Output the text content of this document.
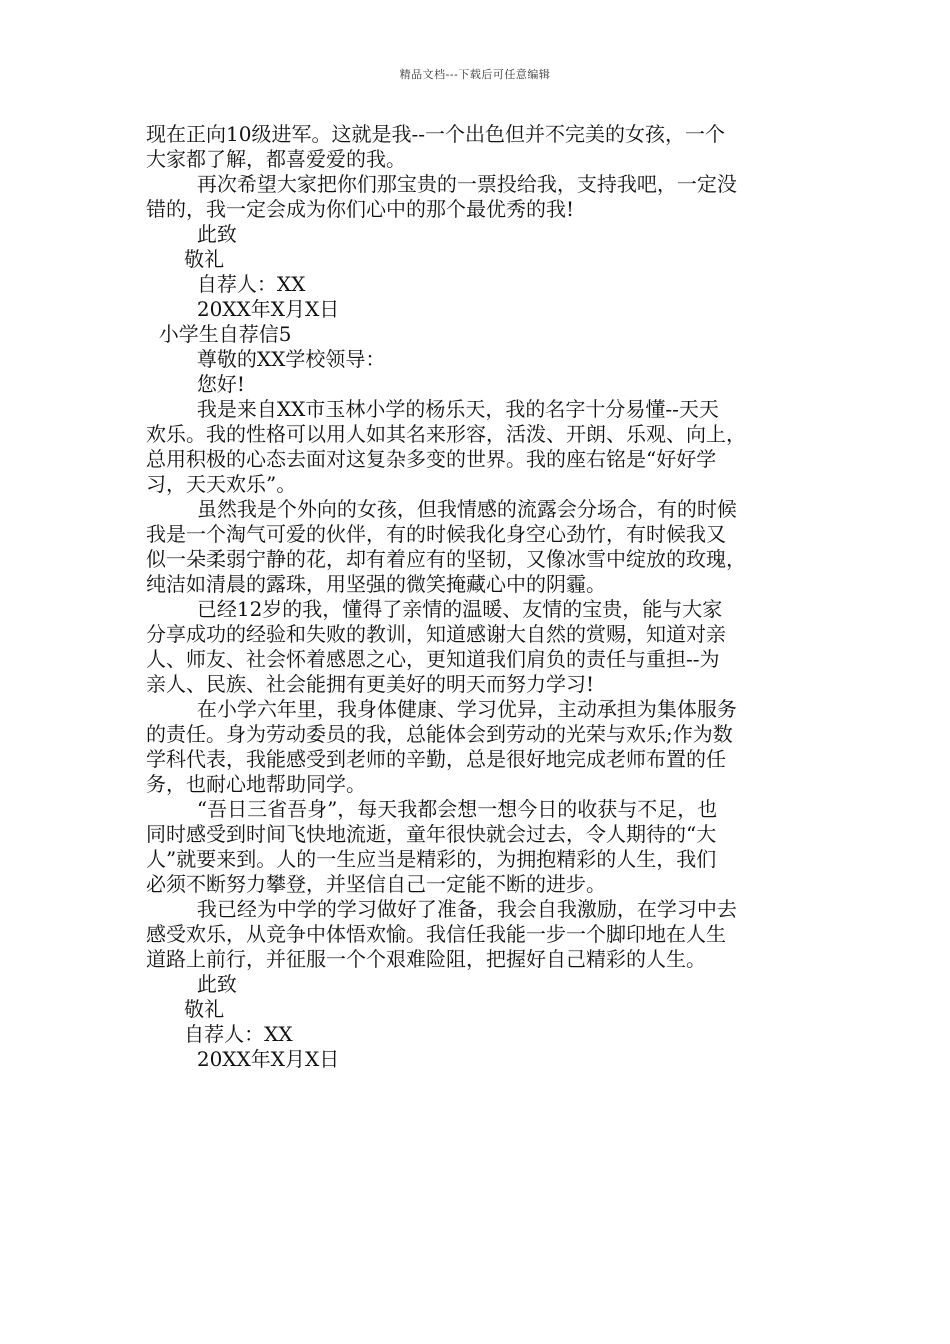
精品文档---下载后可任意编辑
现在正向10级进军。这就是我--一个出色但并不完美的女孩，一个
大家都了解，都喜爱爱的我。
再次希望大家把你们那宝贵的一票投给我，支持我吧，一定没
错的，我一定会成为你们心中的那个最优秀的我!
此致
敬礼
自荐人：XX
20XX年X月X日
小学生自荐信5
尊敬的XX学校领导：
您好!
我是来自XX市玉林小学的杨乐天，我的名字十分易懂--天天
欢乐。我的性格可以用人如其名来形容，活泼、开朗、乐观、向上，
总用积极的心态去面对这复杂多变的世界。我的座右铭是“好好学
习，天天欢乐”。
虽然我是个外向的女孩，但我情感的流露会分场合，有的时候
我是一个淘气可爱的伙伴，有的时候我化身空心劲竹，有时候我又
似一朵柔弱宁静的花，却有着应有的坚韧，又像冰雪中绽放的玫瑰，
纯洁如清晨的露珠，用坚强的微笑掩藏心中的阴霾。
已经12岁的我，懂得了亲情的温暖、友情的宝贵，能与大家
分享成功的经验和失败的教训，知道感谢大自然的赏赐，知道对亲
人、师友、社会怀着感恩之心，更知道我们肩负的责任与重担--为
亲人、民族、社会能拥有更美好的明天而努力学习!
在小学六年里，我身体健康、学习优异，主动承担为集体服务
的责任。身为劳动委员的我，总能体会到劳动的光荣与欢乐;作为数
学科代表，我能感受到老师的辛勤，总是很好地完成老师布置的任
务，也耐心地帮助同学。
“吾日三省吾身”，每天我都会想一想今日的收获与不足，也
同时感受到时间飞快地流逝，童年很快就会过去，令人期待的“大
人”就要来到。人的一生应当是精彩的，为拥抱精彩的人生，我们
必须不断努力攀登，并坚信自己一定能不断的进步。
我已经为中学的学习做好了准备，我会自我激励，在学习中去
感受欢乐，从竞争中体悟欢愉。我信任我能一步一个脚印地在人生
道路上前行，并征服一个个艰难险阻，把握好自己精彩的人生。
此致
敬礼
自荐人：XX
20XX年X月X日
